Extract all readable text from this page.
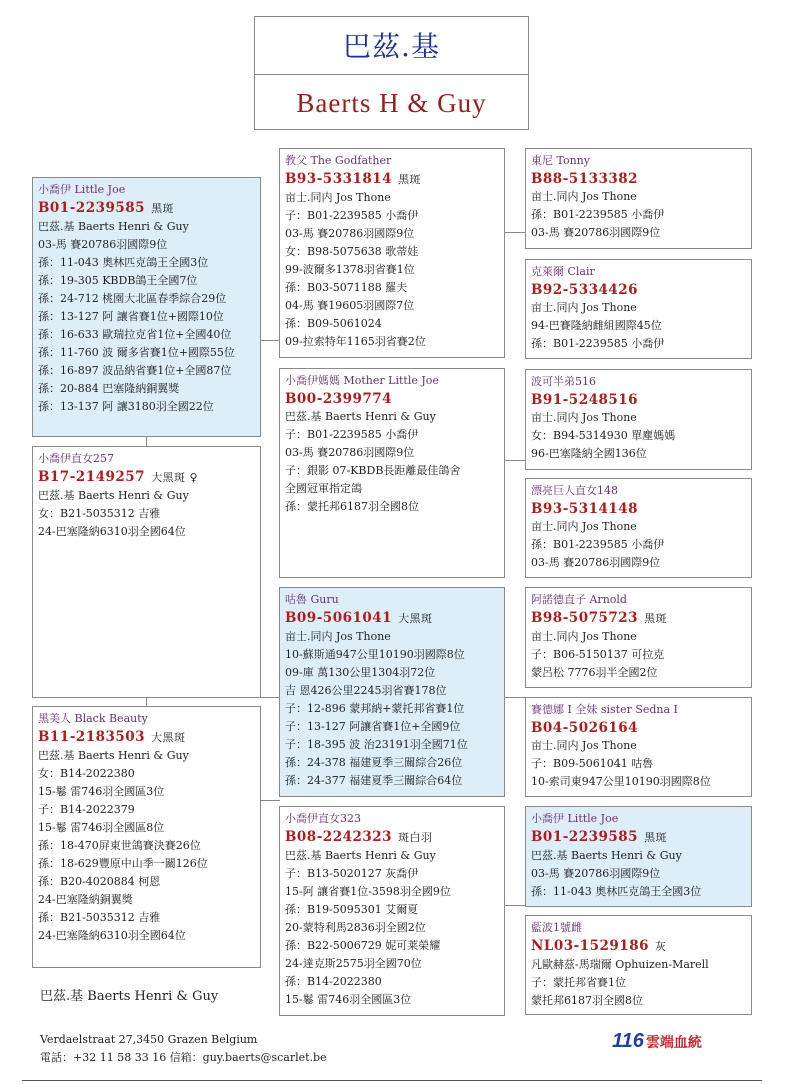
巴茲.基
Baerts H & Guy
小喬伊 Little Joe
B01-2239585 黑斑
巴茲.基 Baerts Henri & Guy
03-馬 賽20786羽國際9位
孫：11-043 奧林匹克鴿王全國3位
孫：19-305 KBDB鴿王全國7位
孫：24-712 桃園大北區春季綜合29位
孫：13-127 阿 讓省賽1位+國際10位
孫：16-633 歐瑞拉克省1位+全國40位
孫：11-760 波 爾多省賽1位+國際55位
孫：16-897 波品納省賽1位+全國87位
孫：20-884 巴塞隆納銅翼獎
孫：13-137 阿 讓3180羽全國22位
教父 The Godfather
B93-5331814 黑斑
亩士.同内 Jos Thone
子：B01-2239585 小喬伊
03-馬 賽20786羽國際9位
女：B98-5075638 歌蒂娃
99-波爾多1378羽省賽1位
孫：B03-5071188 羅夫
04-馬 賽19605羽國際7位
孫：B09-5061024
09-拉索特年1165羽省賽2位
東尼 Tonny
B88-5133382
亩士.同内 Jos Thone
孫：B01-2239585 小喬伊
03-馬 賽20786羽國際9位
克萊爾 Clair
B92-5334426
亩士.同内 Jos Thone
94-巴賽隆納雌組國際45位
孫：B01-2239585 小喬伊
小喬伊媽媽 Mother Little Joe
B00-2399774
巴茲.基 Baerts Henri & Guy
子：B01-2239585 小喬伊
03-馬 賽20786羽國際9位
子：銀影 07-KBDB長距離最佳鴿舍
全國冠軍指定鴿
孫：蒙托邦6187羽全國8位
波可半弟516
B91-5248516
亩士.同内 Jos Thone
女：B94-5314930 單塵媽媽
96-巴塞隆納全國136位
漂亮巨人直女148
B93-5314148
亩士.同内 Jos Thone
孫：B01-2239585 小喬伊
03-馬 賽20786羽國際9位
小喬伊直女257
B17-2149257 大黑斑 ♀
巴茲.基 Baerts Henri & Guy
女：B21-5035312 吉雅
24-巴塞隆納6310羽全國64位
咕魯 Guru
B09-5061041 大黑斑
亩士.同内 Jos Thone
10-蘇斯通947公里10190羽國際8位
09-庫 萬130公里1304羽72位
吉 恩426公里2245羽省賽178位
子：12-896 蒙邦納+蒙托邦省賽1位
子：13-127 阿讓省賽1位+全國9位
子：18-395 波 治23191羽全國71位
孫：24-378 福建夏季三關綜合26位
孫：24-377 福建夏季三關綜合64位
阿諾德直子 Arnold
B98-5075723 黑斑
亩士.同内 Jos Thone
子：B06-5150137 可拉克
蒙呂松 7776羽半全國2位
賽德娜 I 全妹 sister Sedna I
B04-5026164
亩士.同内 Jos Thone
子：B09-5061041 咕魯
10-索司東947公里10190羽國際8位
黑美人 Black Beauty
B11-2183503 大黑斑
巴茲.基 Baerts Henri & Guy
女：B14-2022380
15-鬈 雷746羽全國區3位
子：B14-2022379
15-鬈 雷746羽全國區8位
孫：18-470屏東世鴿賽決賽26位
孫：18-629豐原中山季一關126位
孫：B20-4020884 柯恩
24-巴塞隆納銅翼獎
孫：B21-5035312 吉雅
24-巴塞隆納6310羽全國64位
小喬伊直女323
B08-2242323 斑白羽
巴茲.基 Baerts Henri & Guy
子：B13-5020127 灰喬伊
15-阿 讓省賽1位-3598羽全國9位
孫：B19-5095301 艾爾夏
20-蒙特利馬2836羽全國2位
孫：B22-5006729 妮可莱榮耀
24-達克斯2575羽全國70位
孫：B14-2022380
15-鬈 雷746羽全國區3位
小喬伊 Little Joe
B01-2239585 黑斑
巴茲.基 Baerts Henri & Guy
03-馬 賽20786羽國際9位
孫：11-043 奧林匹克鴿王全國3位
藍波1號雌
NL03-1529186 灰
凡歐赫茲-馬瑞爾 Ophuizen-Marell
子：蒙托邦省賽1位
蒙托邦6187羽全國8位
巴茲.基 Baerts Henri & Guy
Verdaelstraat 27,3450 Grazen Belgium
電話：+32 11 58 33 16 信箱：guy.baerts@scarlet.be
116 雲端血統
